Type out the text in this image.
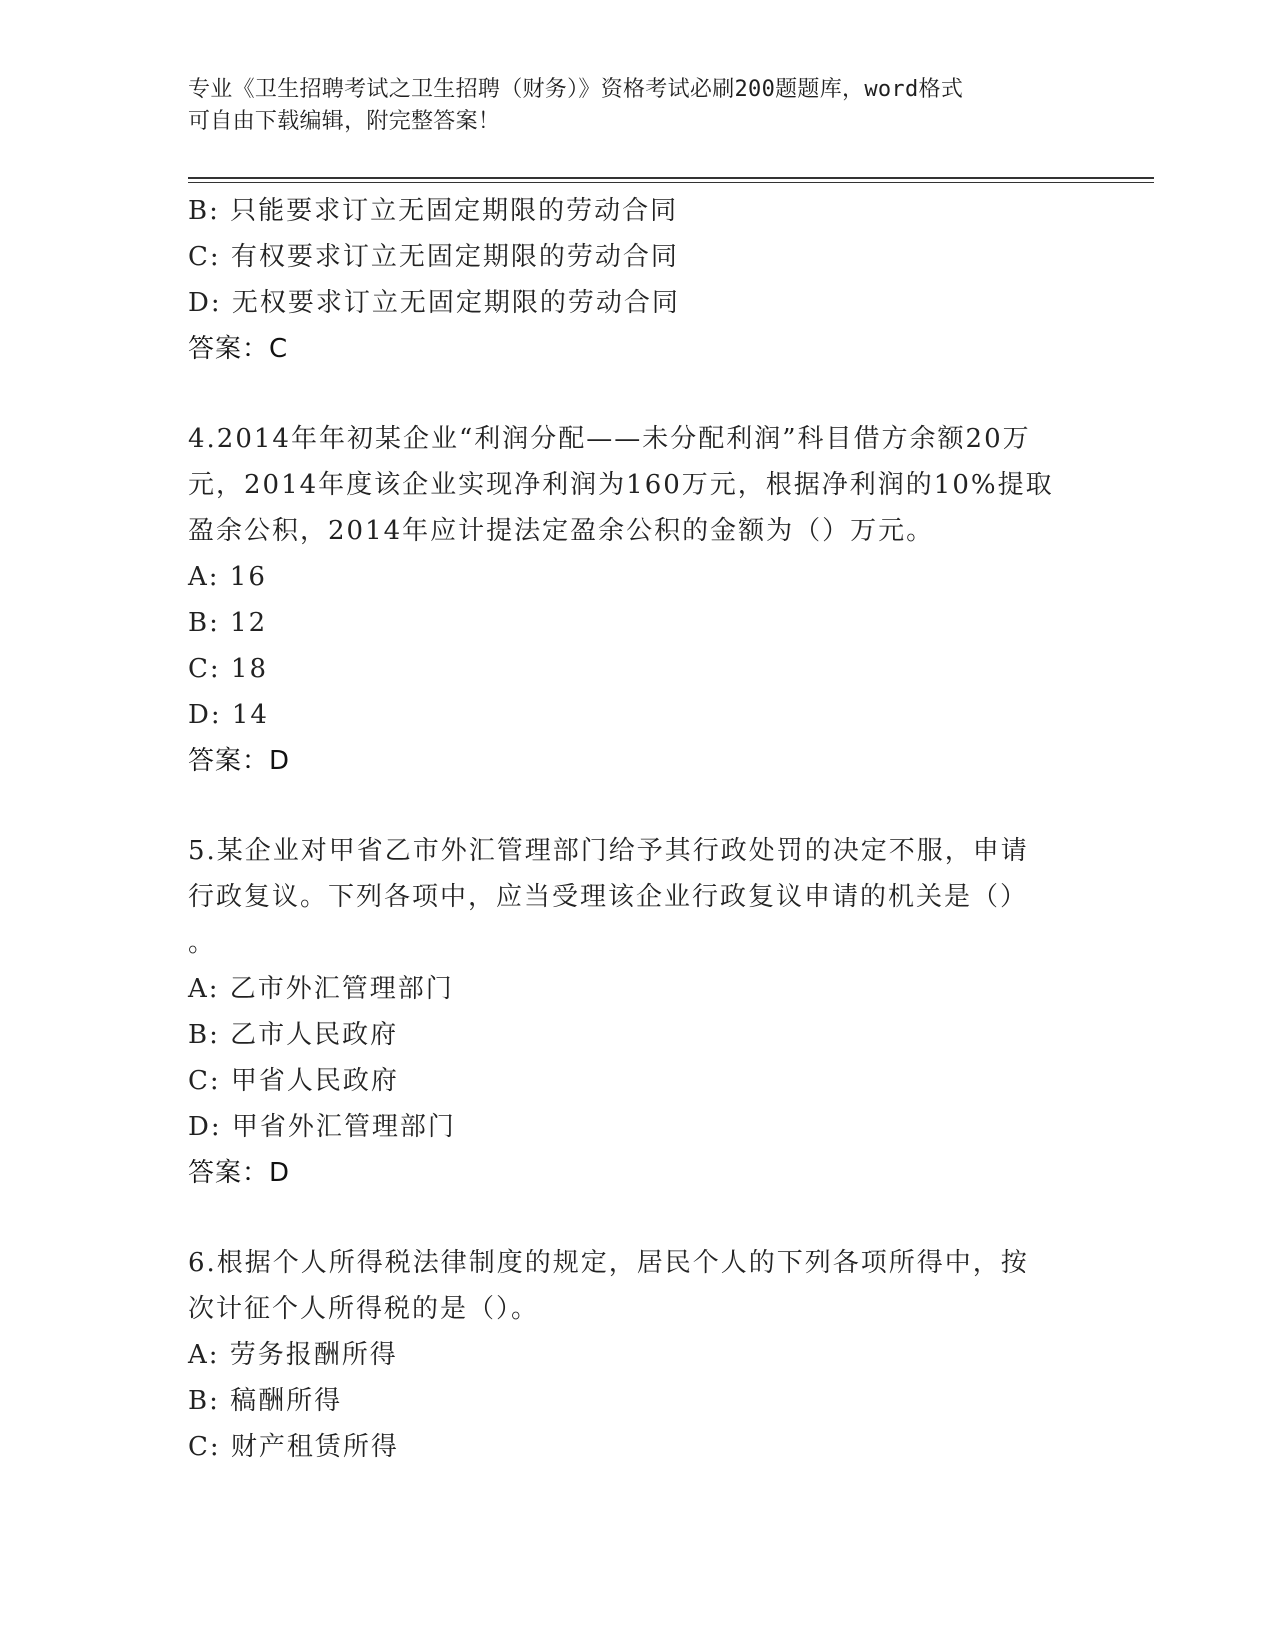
专业《卫生招聘考试之卫生招聘（财务）》资格考试必刷200题题库，word格式
可自由下载编辑，附完整答案！
B: 只能要求订立无固定期限的劳动合同
C: 有权要求订立无固定期限的劳动合同
D: 无权要求订立无固定期限的劳动合同
答案：C
4.2014年年初某企业“利润分配——未分配利润”科目借方余额20万
元，2014年度该企业实现净利润为160万元，根据净利润的10%提取
盈余公积，2014年应计提法定盈余公积的金额为（）万元。
A: 16
B: 12
C: 18
D: 14
答案：D
5.某企业对甲省乙市外汇管理部门给予其行政处罚的决定不服，申请
行政复议。下列各项中，应当受理该企业行政复议申请的机关是（）
。
A: 乙市外汇管理部门
B: 乙市人民政府
C: 甲省人民政府
D: 甲省外汇管理部门
答案：D
6.根据个人所得税法律制度的规定，居民个人的下列各项所得中，按
次计征个人所得税的是（）。
A: 劳务报酬所得
B: 稿酬所得
C: 财产租赁所得
